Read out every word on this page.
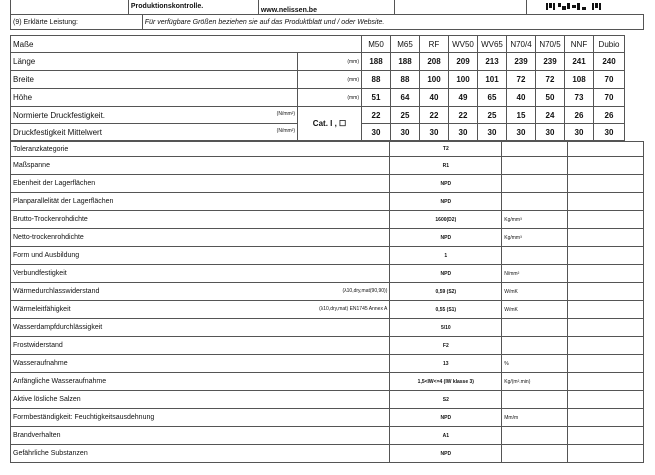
	Produktionskontrolle.	www.nelissen.be		
(9) Erklärte Leistung:	Für verfügbare Größen beziehen sie auf das Produktblatt und / oder Website.
Maße		M50	M65	RF	WV50	WV65	N70/4	N70/5	NNF	Dubio
Länge	(mm)	188	188	208	209	213	239	239	241	240
Breite	(mm)	88	88	100	100	101	72	72	108	70
Höhe	(mm)	51	64	40	49	65	40	50	73	70

Normierte Druckfestigkeit. (N/mm²)	Cat. I , ☐	22	25	22	22	25	15	24	26	26

Druckfestigkeit Mittelwert (N/mm²)		30	30	30	30	30	30	30	30	30
Toleranzkategorie	T2		

Maßspanne	R1		

Ebenheit der Lagerflächen	NPD		

Planparallelität der Lagerflächen	NPD		

Brutto-Trockenrohdichte	1600(D2)	Kg/mm³	

Netto-trockenrohdichte	NPD	Kg/mm³	

Form und Ausbildung	1		

Verbundfestigkeit	NPD	N/mm²	

Wärmedurchlasswiderstand (λ10,dry,mat(90,90))	0,59 (S2)	W/mK	

Wärmeleitfähigkeit (λ10,dry,mat) EN1745 Annex A	0,55 (S1)	W/mK	

Wasserdampfdurchlässigkeit	5/10		

Frostwiderstand	F2		

Wasseraufnahme	13	%	

Anfängliche Wasseraufnahme	1,5<IW<=4 (IW klasse 3)	Kg/(m².min)	

Aktive lösliche Salzen	S2		

Formbeständigkeit: Feuchtigkeitsausdehnung	NPD	Mm/m	

Brandverhalten	A1		

Gefährliche Substanzen	NPD		
